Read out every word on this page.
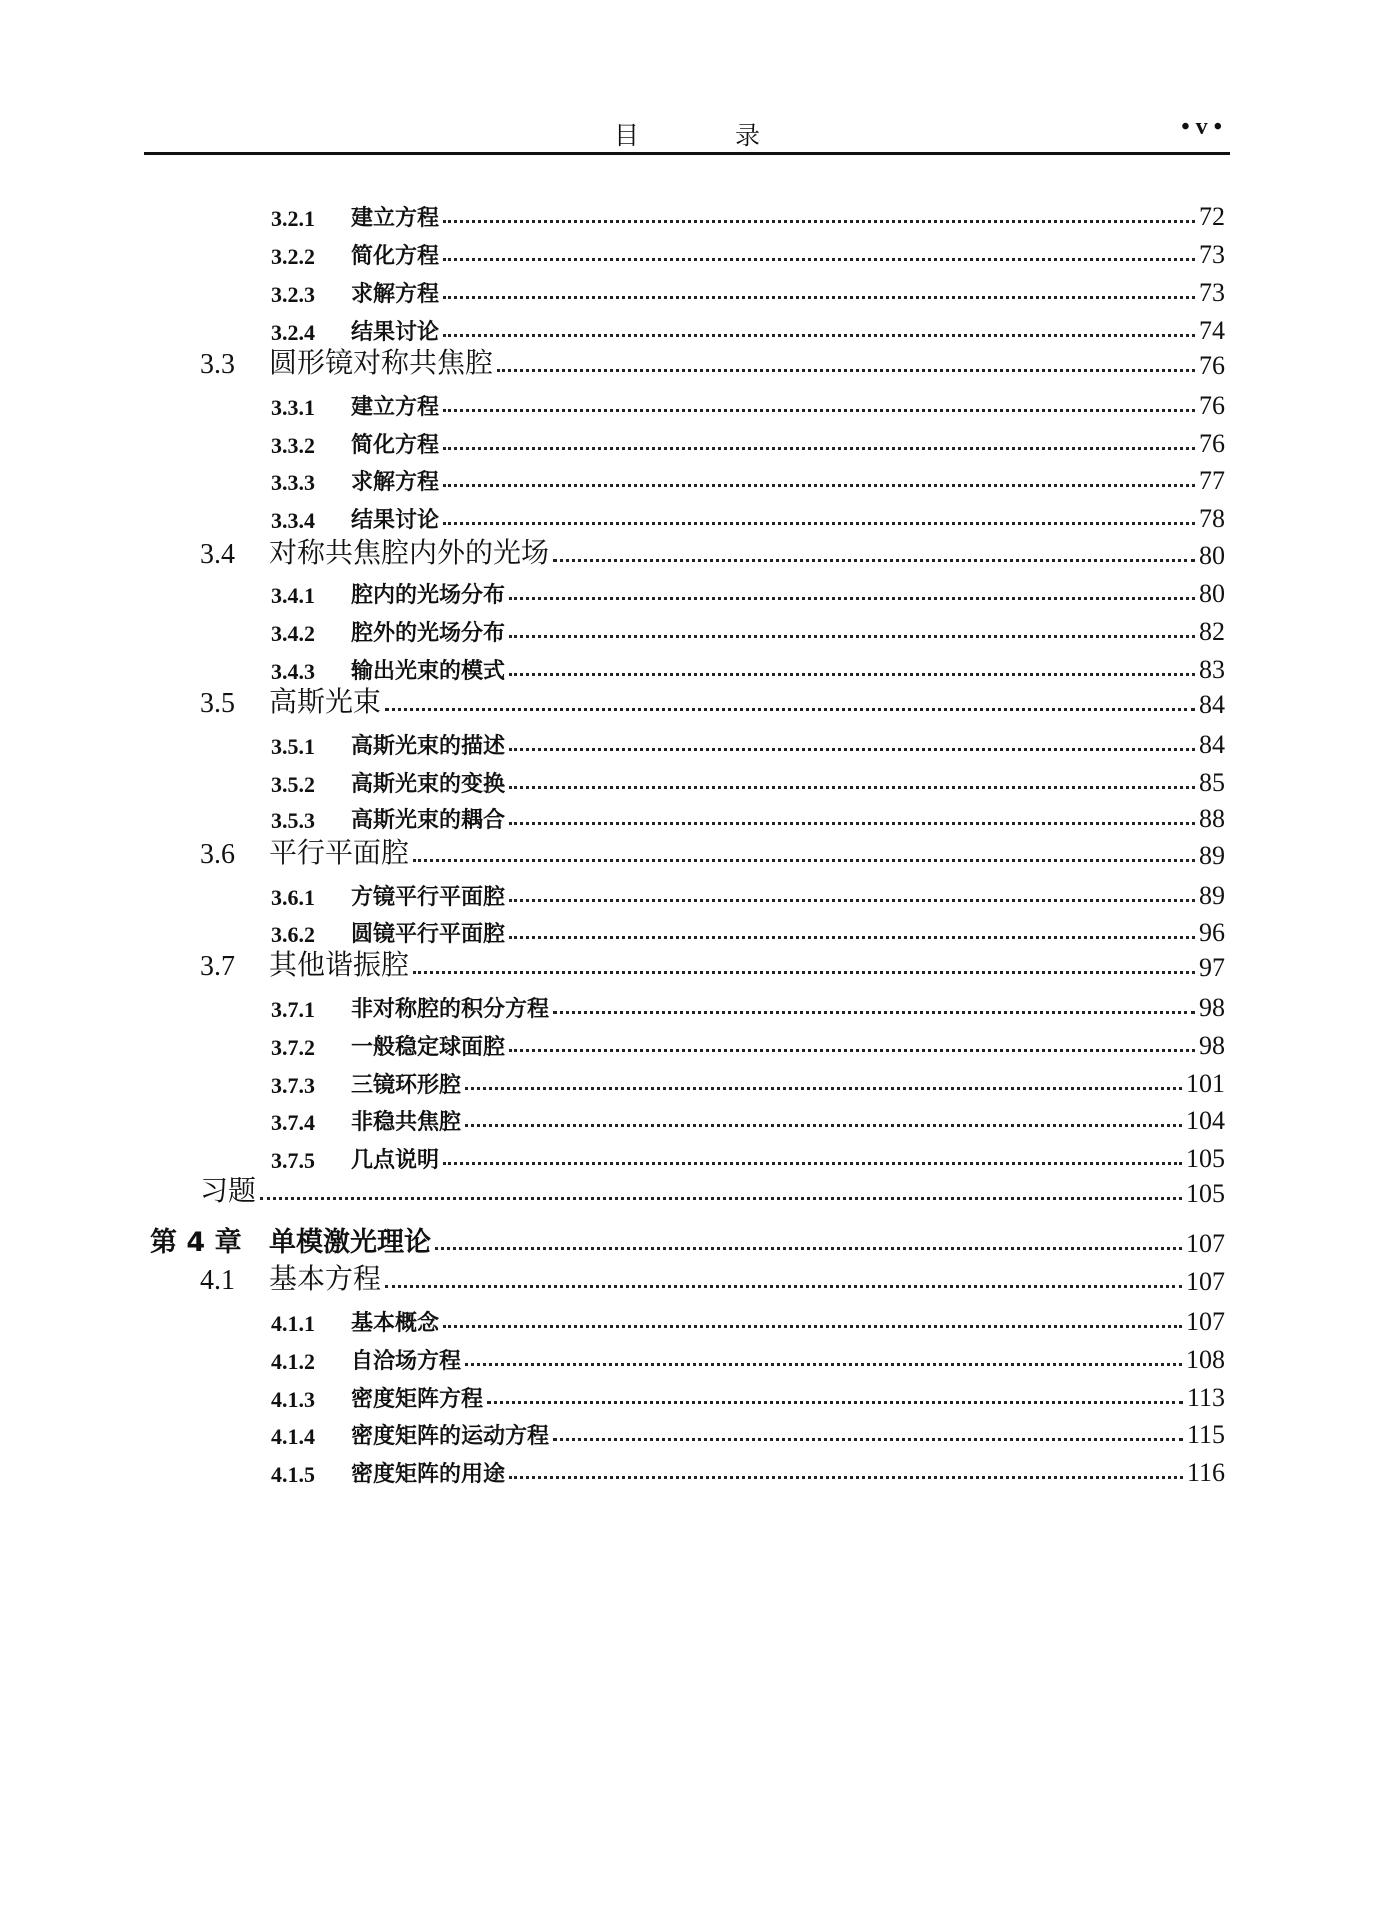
目 录	• v •
3.2.1	建立方程	72
3.2.2	简化方程	73
3.2.3	求解方程	73
3.2.4	结果讨论	74
3.3	圆形镜对称共焦腔	76
3.3.1	建立方程	76
3.3.2	简化方程	76
3.3.3	求解方程	77
3.3.4	结果讨论	78
3.4	对称共焦腔内外的光场	80
3.4.1	腔内的光场分布	80
3.4.2	腔外的光场分布	82
3.4.3	输出光束的模式	83
3.5	高斯光束	84
3.5.1	高斯光束的描述	84
3.5.2	高斯光束的变换	85
3.5.3	高斯光束的耦合	88
3.6	平行平面腔	89
3.6.1	方镜平行平面腔	89
3.6.2	圆镜平行平面腔	96
3.7	其他谐振腔	97
3.7.1	非对称腔的积分方程	98
3.7.2	一般稳定球面腔	98
3.7.3	三镜环形腔	101
3.7.4	非稳共焦腔	104
3.7.5	几点说明	105
习题	105
第 4 章	单模激光理论	107
4.1	基本方程	107
4.1.1	基本概念	107
4.1.2	自洽场方程	108
4.1.3	密度矩阵方程	113
4.1.4	密度矩阵的运动方程	115
4.1.5	密度矩阵的用途	116
